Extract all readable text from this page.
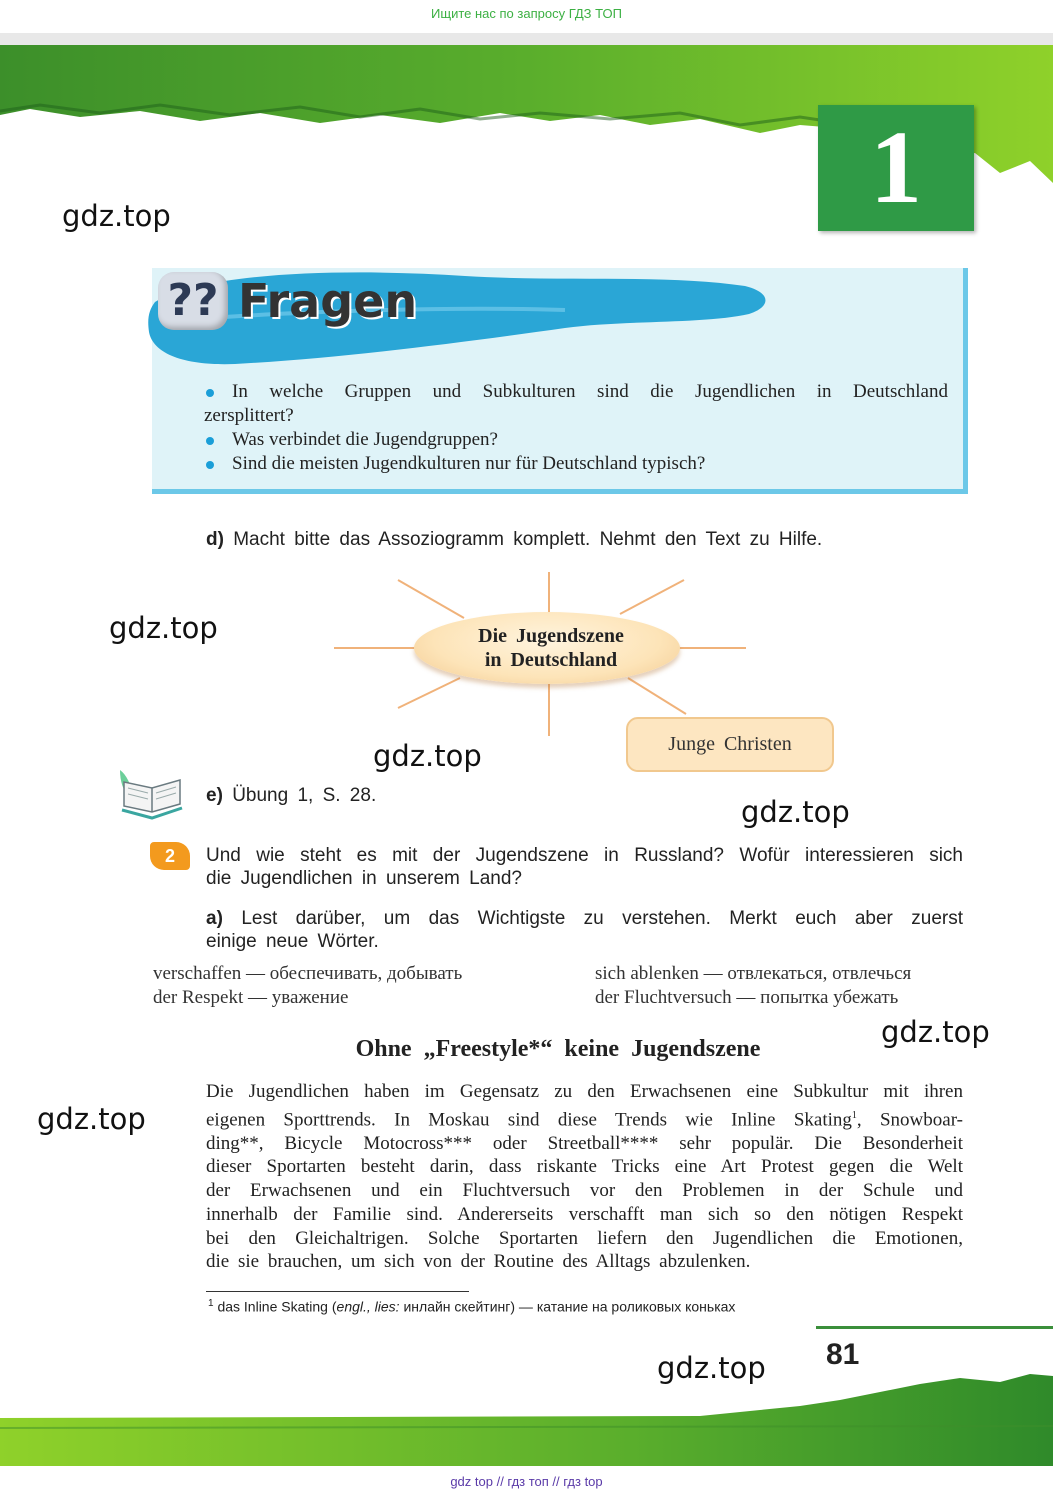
Ищите нас по запросу ГДЗ ТОП
gdz.top
gdz.top
gdz.top
gdz.top
gdz.top
gdz.top
gdz.top
1
?? Fragen
In welche Gruppen und Subkulturen sind die Jugendlichen in Deutschland
zersplittert?
Was verbindet die Jugendgruppen?
Sind die meisten Jugendkulturen nur für Deutschland typisch?
d) Macht bitte das Assoziogramm komplett. Nehmt den Text zu Hilfe.
Die Jugendszene
in Deutschland
Junge Christen
e) Übung 1, S. 28.
2	Und wie steht es mit der Jugendszene in Russland? Wofür interessieren sich
die Jugendlichen in unserem Land?
a) Lest darüber, um das Wichtigste zu verstehen. Merkt euch aber zuerst
einige neue Wörter.
verschaffen — обеспечивать, добывать
der Respekt — уважение
sich ablenken — отвлекаться, отвлечься
der Fluchtversuch — попытка убежать
Ohne „Freestyle*“ keine Jugendszene
Die Jugendlichen haben im Gegensatz zu den Erwachsenen eine Subkultur mit ihren
eigenen Sporttrends. In Moskau sind diese Trends wie Inline Skating$^1$, Snowboar-
ding**, Bicycle Motocross*** oder Streetball**** sehr populär. Die Besonderheit
dieser Sportarten besteht darin, dass riskante Tricks eine Art Protest gegen die Welt
der Erwachsenen und ein Fluchtversuch vor den Problemen in der Schule und
innerhalb der Familie sind. Andererseits verschafft man sich so den nötigen Respekt
bei den Gleichaltrigen. Solche Sportarten liefern den Jugendlichen die Emotionen,
die sie brauchen, um sich von der Routine des Alltags abzulenken.
$^1$ das Inline Skating (engl., lies: инлайн скейтинг) — катание на роликовых коньках
81
gdz top // гдз топ // гдз top
